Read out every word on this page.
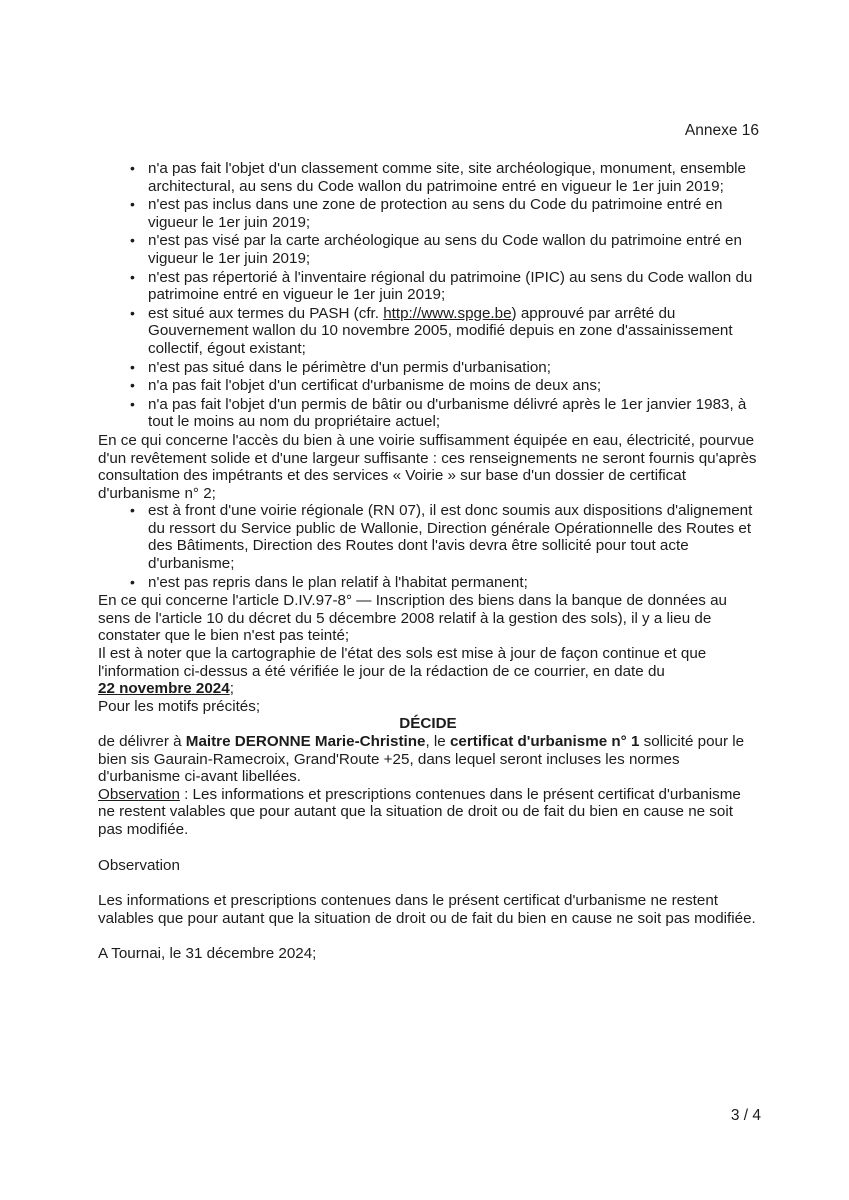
Annexe 16
• n'a pas fait l'objet d'un classement comme site, site archéologique, monument, ensemble architectural, au sens du Code wallon du patrimoine entré en vigueur le 1er juin 2019;
• n'est pas inclus dans une zone de protection au sens du Code du patrimoine entré en vigueur le 1er juin 2019;
• n'est pas visé par la carte archéologique au sens du Code wallon du patrimoine entré en vigueur le 1er juin 2019;
• n'est pas répertorié à l'inventaire régional du patrimoine (IPIC) au sens du Code wallon du patrimoine entré en vigueur le 1er juin 2019;
• est situé aux termes du PASH (cfr. http://www.spge.be) approuvé par arrêté du Gouvernement wallon du 10 novembre 2005, modifié depuis en zone d'assainissement collectif, égout existant;
• n'est pas situé dans le périmètre d'un permis d'urbanisation;
• n'a pas fait l'objet d'un certificat d'urbanisme de moins de deux ans;
• n'a pas fait l'objet d'un permis de bâtir ou d'urbanisme délivré après le 1er janvier 1983, à tout le moins au nom du propriétaire actuel;

En ce qui concerne l'accès du bien à une voirie suffisamment équipée en eau, électricité, pourvue d'un revêtement solide et d'une largeur suffisante : ces renseignements ne seront fournis qu'après consultation des impétrants et des services « Voirie » sur base d'un dossier de certificat d'urbanisme n° 2;

• est à front d'une voirie régionale (RN 07), il est donc soumis aux dispositions d'alignement du ressort du Service public de Wallonie, Direction générale Opérationnelle des Routes et des Bâtiments, Direction des Routes dont l'avis devra être sollicité pour tout acte d'urbanisme;
• n'est pas repris dans le plan relatif à l'habitat permanent;

En ce qui concerne l'article D.IV.97-8° — Inscription des biens dans la banque de données au sens de l'article 10 du décret du 5 décembre 2008 relatif à la gestion des sols), il y a lieu de constater que le bien n'est pas teinté;

Il est à noter que la cartographie de l'état des sols est mise à jour de façon continue et que l'information ci-dessus a été vérifiée le jour de la rédaction de ce courrier, en date du
22 novembre 2024;

Pour les motifs précités;

DÉCIDE

de délivrer à Maitre DERONNE Marie-Christine, le certificat d'urbanisme n° 1 sollicité pour le bien sis Gaurain-Ramecroix, Grand'Route +25, dans lequel seront incluses les normes d'urbanisme ci-avant libellées.

Observation : Les informations et prescriptions contenues dans le présent certificat d'urbanisme ne restent valables que pour autant que la situation de droit ou de fait du bien en cause ne soit pas modifiée.

Observation

Les informations et prescriptions contenues dans le présent certificat d'urbanisme ne restent valables que pour autant que la situation de droit ou de fait du bien en cause ne soit pas modifiée.

A Tournai, le 31 décembre 2024;

3 / 4
